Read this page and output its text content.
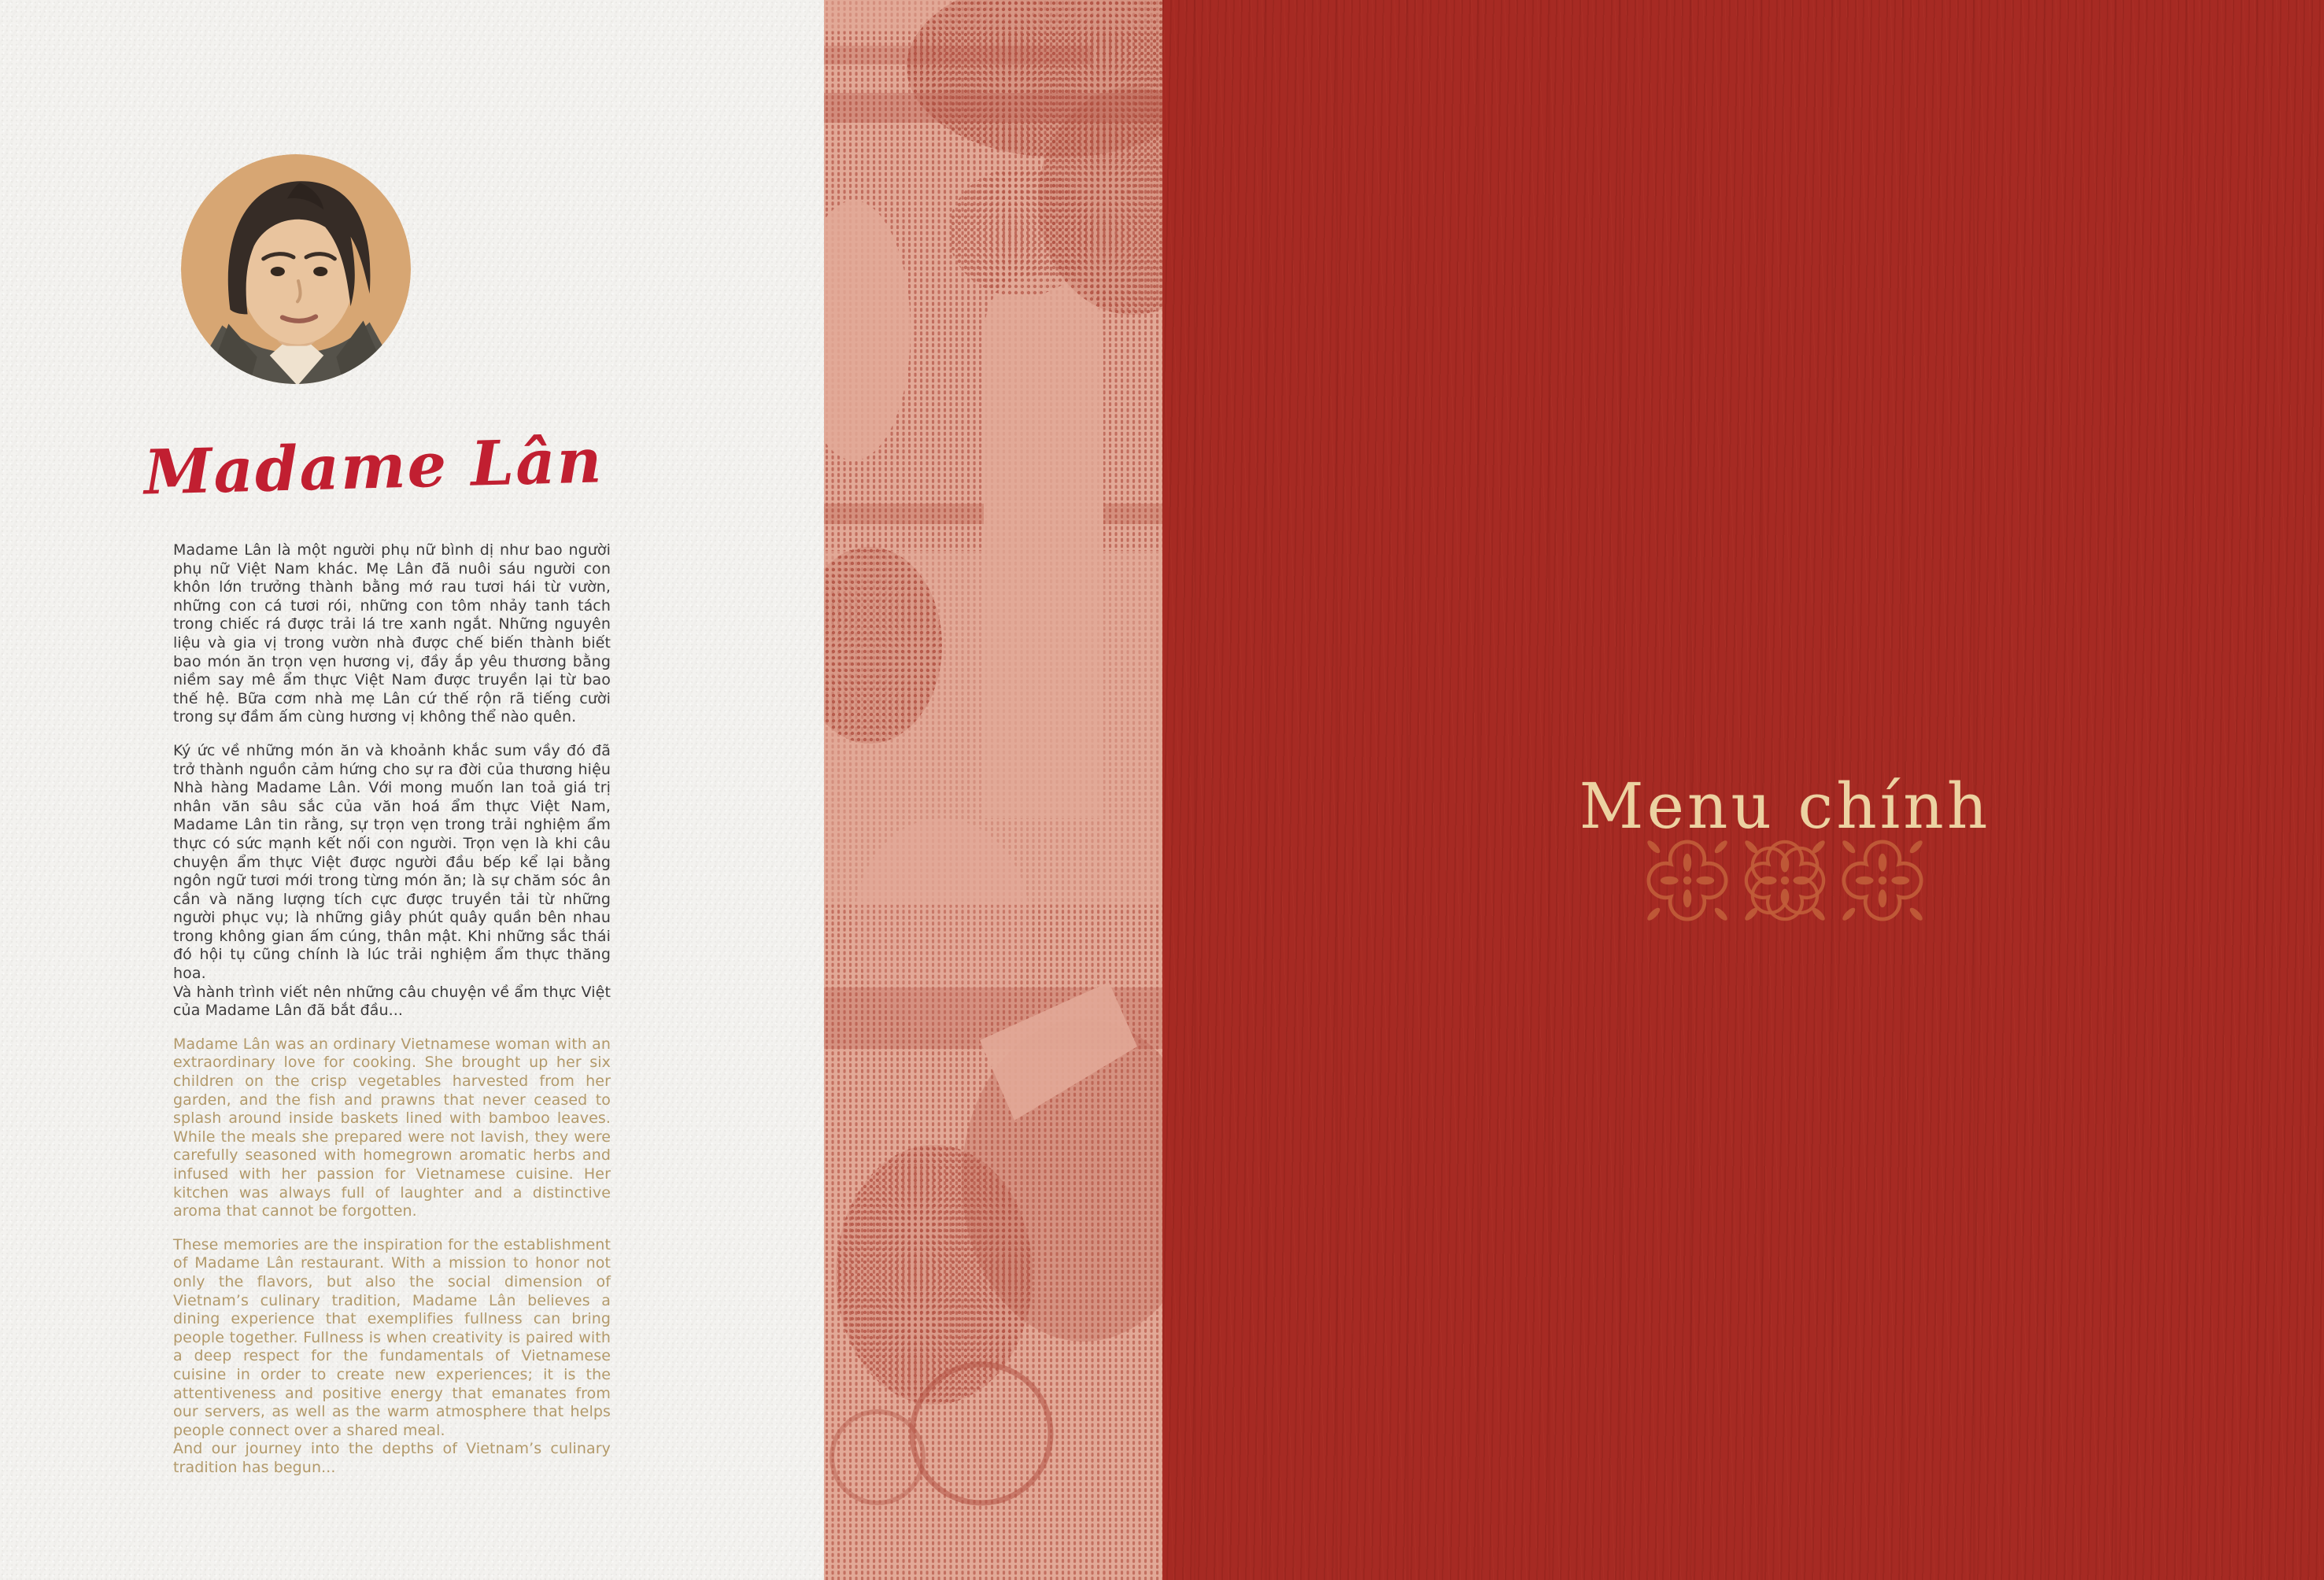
Madame Lân

Madame Lân là một người phụ nữ bình dị như bao người phụ nữ Việt Nam khác. Mẹ Lân đã nuôi sáu người con khôn lớn trưởng thành bằng mớ rau tươi hái từ vườn, những con cá tươi rói, những con tôm nhảy tanh tách trong chiếc rá được trải lá tre xanh ngắt. Những nguyên liệu và gia vị trong vườn nhà được chế biến thành biết bao món ăn trọn vẹn hương vị, đầy ắp yêu thương bằng niềm say mê ẩm thực Việt Nam được truyền lại từ bao thế hệ. Bữa cơm nhà mẹ Lân cứ thế rộn rã tiếng cười trong sự đầm ấm cùng hương vị không thể nào quên.

Ký ức về những món ăn và khoảnh khắc sum vầy đó đã trở thành nguồn cảm hứng cho sự ra đời của thương hiệu Nhà hàng Madame Lân. Với mong muốn lan toả giá trị nhân văn sâu sắc của văn hoá ẩm thực Việt Nam, Madame Lân tin rằng, sự trọn vẹn trong trải nghiệm ẩm thực có sức mạnh kết nối con người. Trọn vẹn là khi câu chuyện ẩm thực Việt được người đầu bếp kể lại bằng ngôn ngữ tươi mới trong từng món ăn; là sự chăm sóc ân cần và năng lượng tích cực được truyền tải từ những người phục vụ; là những giây phút quây quần bên nhau trong không gian ấm cúng, thân mật. Khi những sắc thái đó hội tụ cũng chính là lúc trải nghiệm ẩm thực thăng hoa.

Và hành trình viết nên những câu chuyện về ẩm thực Việt của Madame Lân đã bắt đầu...

Madame Lân was an ordinary Vietnamese woman with an extraordinary love for cooking. She brought up her six children on the crisp vegetables harvested from her garden, and the fish and prawns that never ceased to splash around inside baskets lined with bamboo leaves. While the meals she prepared were not lavish, they were carefully seasoned with homegrown aromatic herbs and infused with her passion for Vietnamese cuisine. Her kitchen was always full of laughter and a distinctive aroma that cannot be forgotten.

These memories are the inspiration for the establishment of Madame Lân restaurant. With a mission to honor not only the flavors, but also the social dimension of Vietnam’s culinary tradition, Madame Lân believes a dining experience that exemplifies fullness can bring people together. Fullness is when creativity is paired with a deep respect for the fundamentals of Vietnamese cuisine in order to create new experiences; it is the attentiveness and positive energy that emanates from our servers, as well as the warm atmosphere that helps people connect over a shared meal.

And our journey into the depths of Vietnam’s culinary tradition has begun...

Menu chính
